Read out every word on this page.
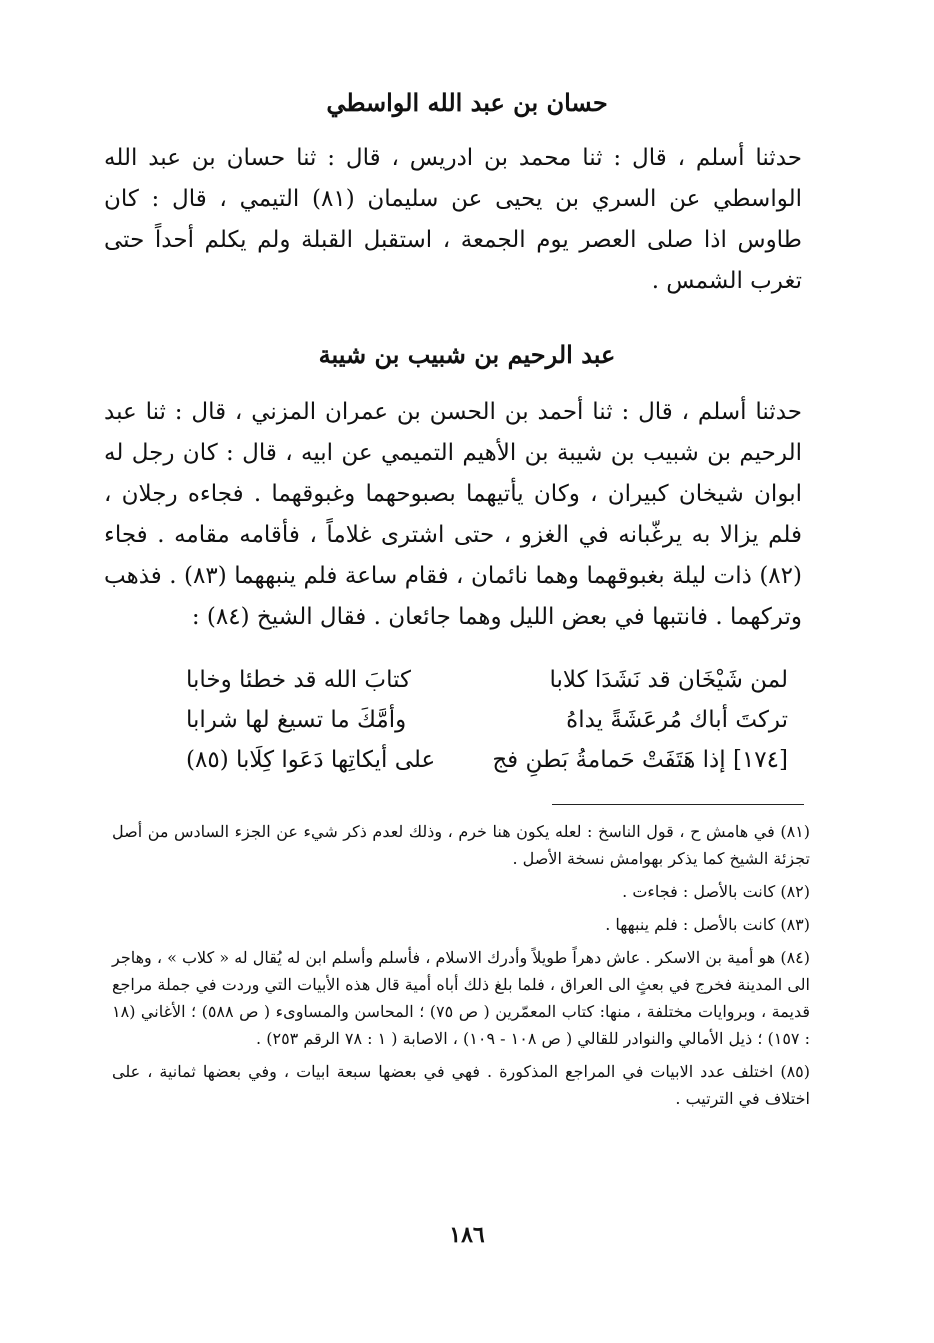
حسان بن عبد الله الواسطي

حدثنا أسلم ، قال : ثنا محمد بن ادريس ، قال : ثنا حسان بن عبد الله الواسطي عن السري بن يحيى عن سليمان (٨١) التيمي ، قال : كان طاوس اذا صلى العصر يوم الجمعة ، استقبل القبلة ولم يكلم أحداً حتى تغرب الشمس .

عبد الرحيم بن شبيب بن شيبة

حدثنا أسلم ، قال : ثنا أحمد بن الحسن بن عمران المزني ، قال : ثنا عبد الرحيم بن شبيب بن شيبة بن الأهيم التميمي عن ابيه ، قال : كان رجل له ابوان شيخان كبيران ، وكان يأتيهما بصبوحهما وغبوقهما . فجاءه رجلان ، فلم يزالا به يرغّبانه في الغزو ، حتى اشترى غلاماً ، فأقامه مقامه . فجاء (٨٢) ذات ليلة بغبوقهما وهما نائمان ، فقام ساعة فلم ينبههما (٨٣) . فذهب وتركهما . فانتبها في بعض الليل وهما جائعان . فقال الشيخ (٨٤) :

لمن شَيْخَان قد نَشَدَا كلابا
كتابَ الله قد خطئا وخابا
تركتَ أباك مُرعَشَةً يداهُ
وأمَّكَ ما تسيغ لها شرابا
[١٧٤] إذا هَتَفَتْ حَمامةُ بَطنِ فج
على أيكاتِها دَعَوا كِلَابا (٨٥)

(٨١) في هامش ح ، قول الناسخ : لعله يكون هنا خرم ، وذلك لعدم ذكر شيء عن الجزء السادس من أصل تجزئة الشيخ كما يذكر بهوامش نسخة الأصل .

(٨٢) كانت بالأصل : فجاءت .

(٨٣) كانت بالأصل : فلم ينبهها .

(٨٤) هو أمية بن الاسكر . عاش دهراً طويلاً وأدرك الاسلام ، فأسلم وأسلم ابن له يُقال له « كلاب » ، وهاجر الى المدينة فخرج في بعثٍ الى العراق ، فلما بلغ ذلك أباه أمية قال هذه الأبيات التي وردت في جملة مراجع قديمة ، وبروايات مختلفة ، منها: كتاب المعمّرين ( ص ٧٥) ؛ المحاسن والمساوىء ( ص ٥٨٨) ؛ الأغاني (١٨ : ١٥٧) ؛ ذيل الأمالي والنوادر للقالي ( ص ١٠٨ - ١٠٩) ، الاصابة ( ١ : ٧٨ الرقم ٢٥٣) .

(٨٥) اختلف عدد الابيات في المراجع المذكورة . فهي في بعضها سبعة ابيات ، وفي بعضها ثمانية ، على اختلاف في الترتيب .

١٨٦
